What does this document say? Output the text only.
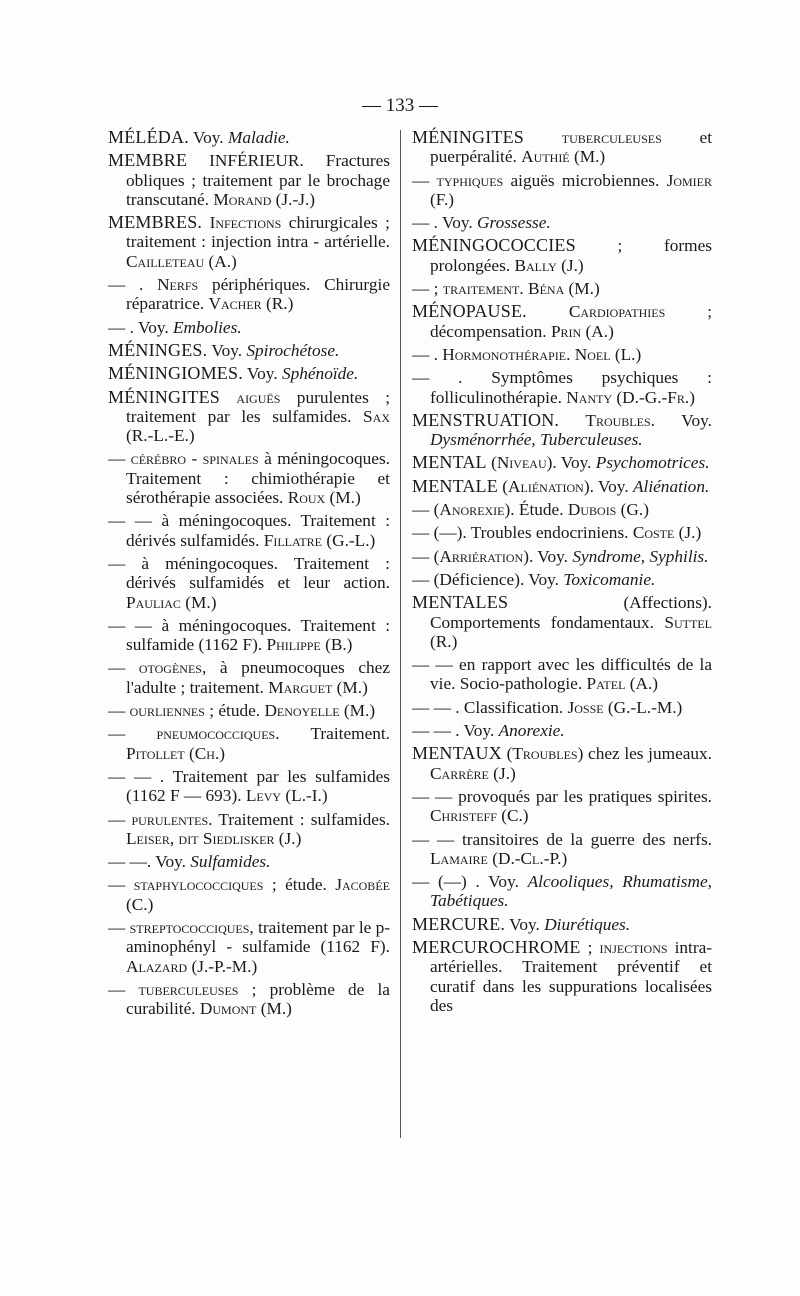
— 133 —
MÉLÉDA. Voy. Maladie.
MEMBRE INFÉRIEUR. Fractures obliques ; traitement par le brochage transcutané. Morand (J.-J.)
MEMBRES. Infections chirurgicales ; traitement : injection intra - artérielle. Cailleteau (A.)
— . Nerfs périphériques. Chirurgie réparatrice. Vacher (R.)
— . Voy. Embolies.
MÉNINGES. Voy. Spirochétose.
MÉNINGIOMES. Voy. Sphénoïde.
MÉNINGITES aiguës purulentes ; traitement par les sulfamides. Sax (R.-L.-E.)
— cérébro - spinales à méningocoques. Traitement : chimiothérapie et sérothérapie associées. Roux (M.)
— — à méningocoques. Traitement : dérivés sulfamidés. Fillatre (G.-L.)
— à méningocoques. Traitement : dérivés sulfamidés et leur action. Pauliac (M.)
— — à méningocoques. Traitement : sulfamide (1162 F). Philippe (B.)
— otogènes, à pneumocoques chez l'adulte ; traitement. Marguet (M.)
— ourliennes ; étude. Denoyelle (M.)
— pneumococciques. Traitement. Pitollet (Ch.)
— — . Traitement par les sulfamides (1162 F — 693). Levy (L.-I.)
— purulentes. Traitement : sulfamides. Leiser, dit Siedlisker (J.)
— —. Voy. Sulfamides.
— staphylococciques ; étude. Jacobée (C.)
— streptococciques, traitement par le p-aminophényl - sulfamide (1162 F). Alazard (J.-P.-M.)
— tuberculeuses ; problème de la curabilité. Dumont (M.)
MÉNINGITES tuberculeuses et puerpéralité. Authié (M.)
— typhiques aiguës microbiennes. Jomier (F.)
— . Voy. Grossesse.
MÉNINGOCOCCIES ; formes prolongées. Bally (J.)
— ; traitement. Béna (M.)
MÉNOPAUSE. Cardiopathies ; décompensation. Prin (A.)
— . Hormonothérapie. Noel (L.)
— . Symptômes psychiques : folliculinothérapie. Nanty (D.-G.-Fr.)
MENSTRUATION. Troubles. Voy. Dysménorrhée, Tuberculeuses.
MENTAL (Niveau). Voy. Psychomotrices.
MENTALE (Aliénation). Voy. Aliénation.
— (Anorexie). Étude. Dubois (G.)
— (—). Troubles endocriniens. Coste (J.)
— (Arriération). Voy. Syndrome, Syphilis.
— (Déficience). Voy. Toxicomanie.
MENTALES (Affections). Comportements fondamentaux. Suttel (R.)
— — en rapport avec les difficultés de la vie. Socio-pathologie. Patel (A.)
— — . Classification. Josse (G.-L.-M.)
— — . Voy. Anorexie.
MENTAUX (Troubles) chez les jumeaux. Carrère (J.)
— — provoqués par les pratiques spirites. Christeff (C.)
— — transitoires de la guerre des nerfs. Lamaire (D.-Cl.-P.)
— (—) . Voy. Alcooliques, Rhumatisme, Tabétiques.
MERCURE. Voy. Diurétiques.
MERCUROCHROME ; injections intra-artérielles. Traitement préventif et curatif dans les suppurations localisées des
